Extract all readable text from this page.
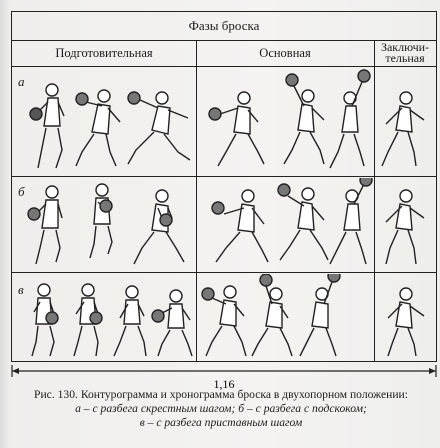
Фазы броска
Подготовительная	Основная	Заключи-
тельная
а
б
в
1,16
Рис. 130. Контурограмма и хронограмма броска в двухопорном положении:
а – с разбега скрестным шагом; б – с разбега с подскоком;
в – с разбега приставным шагом
